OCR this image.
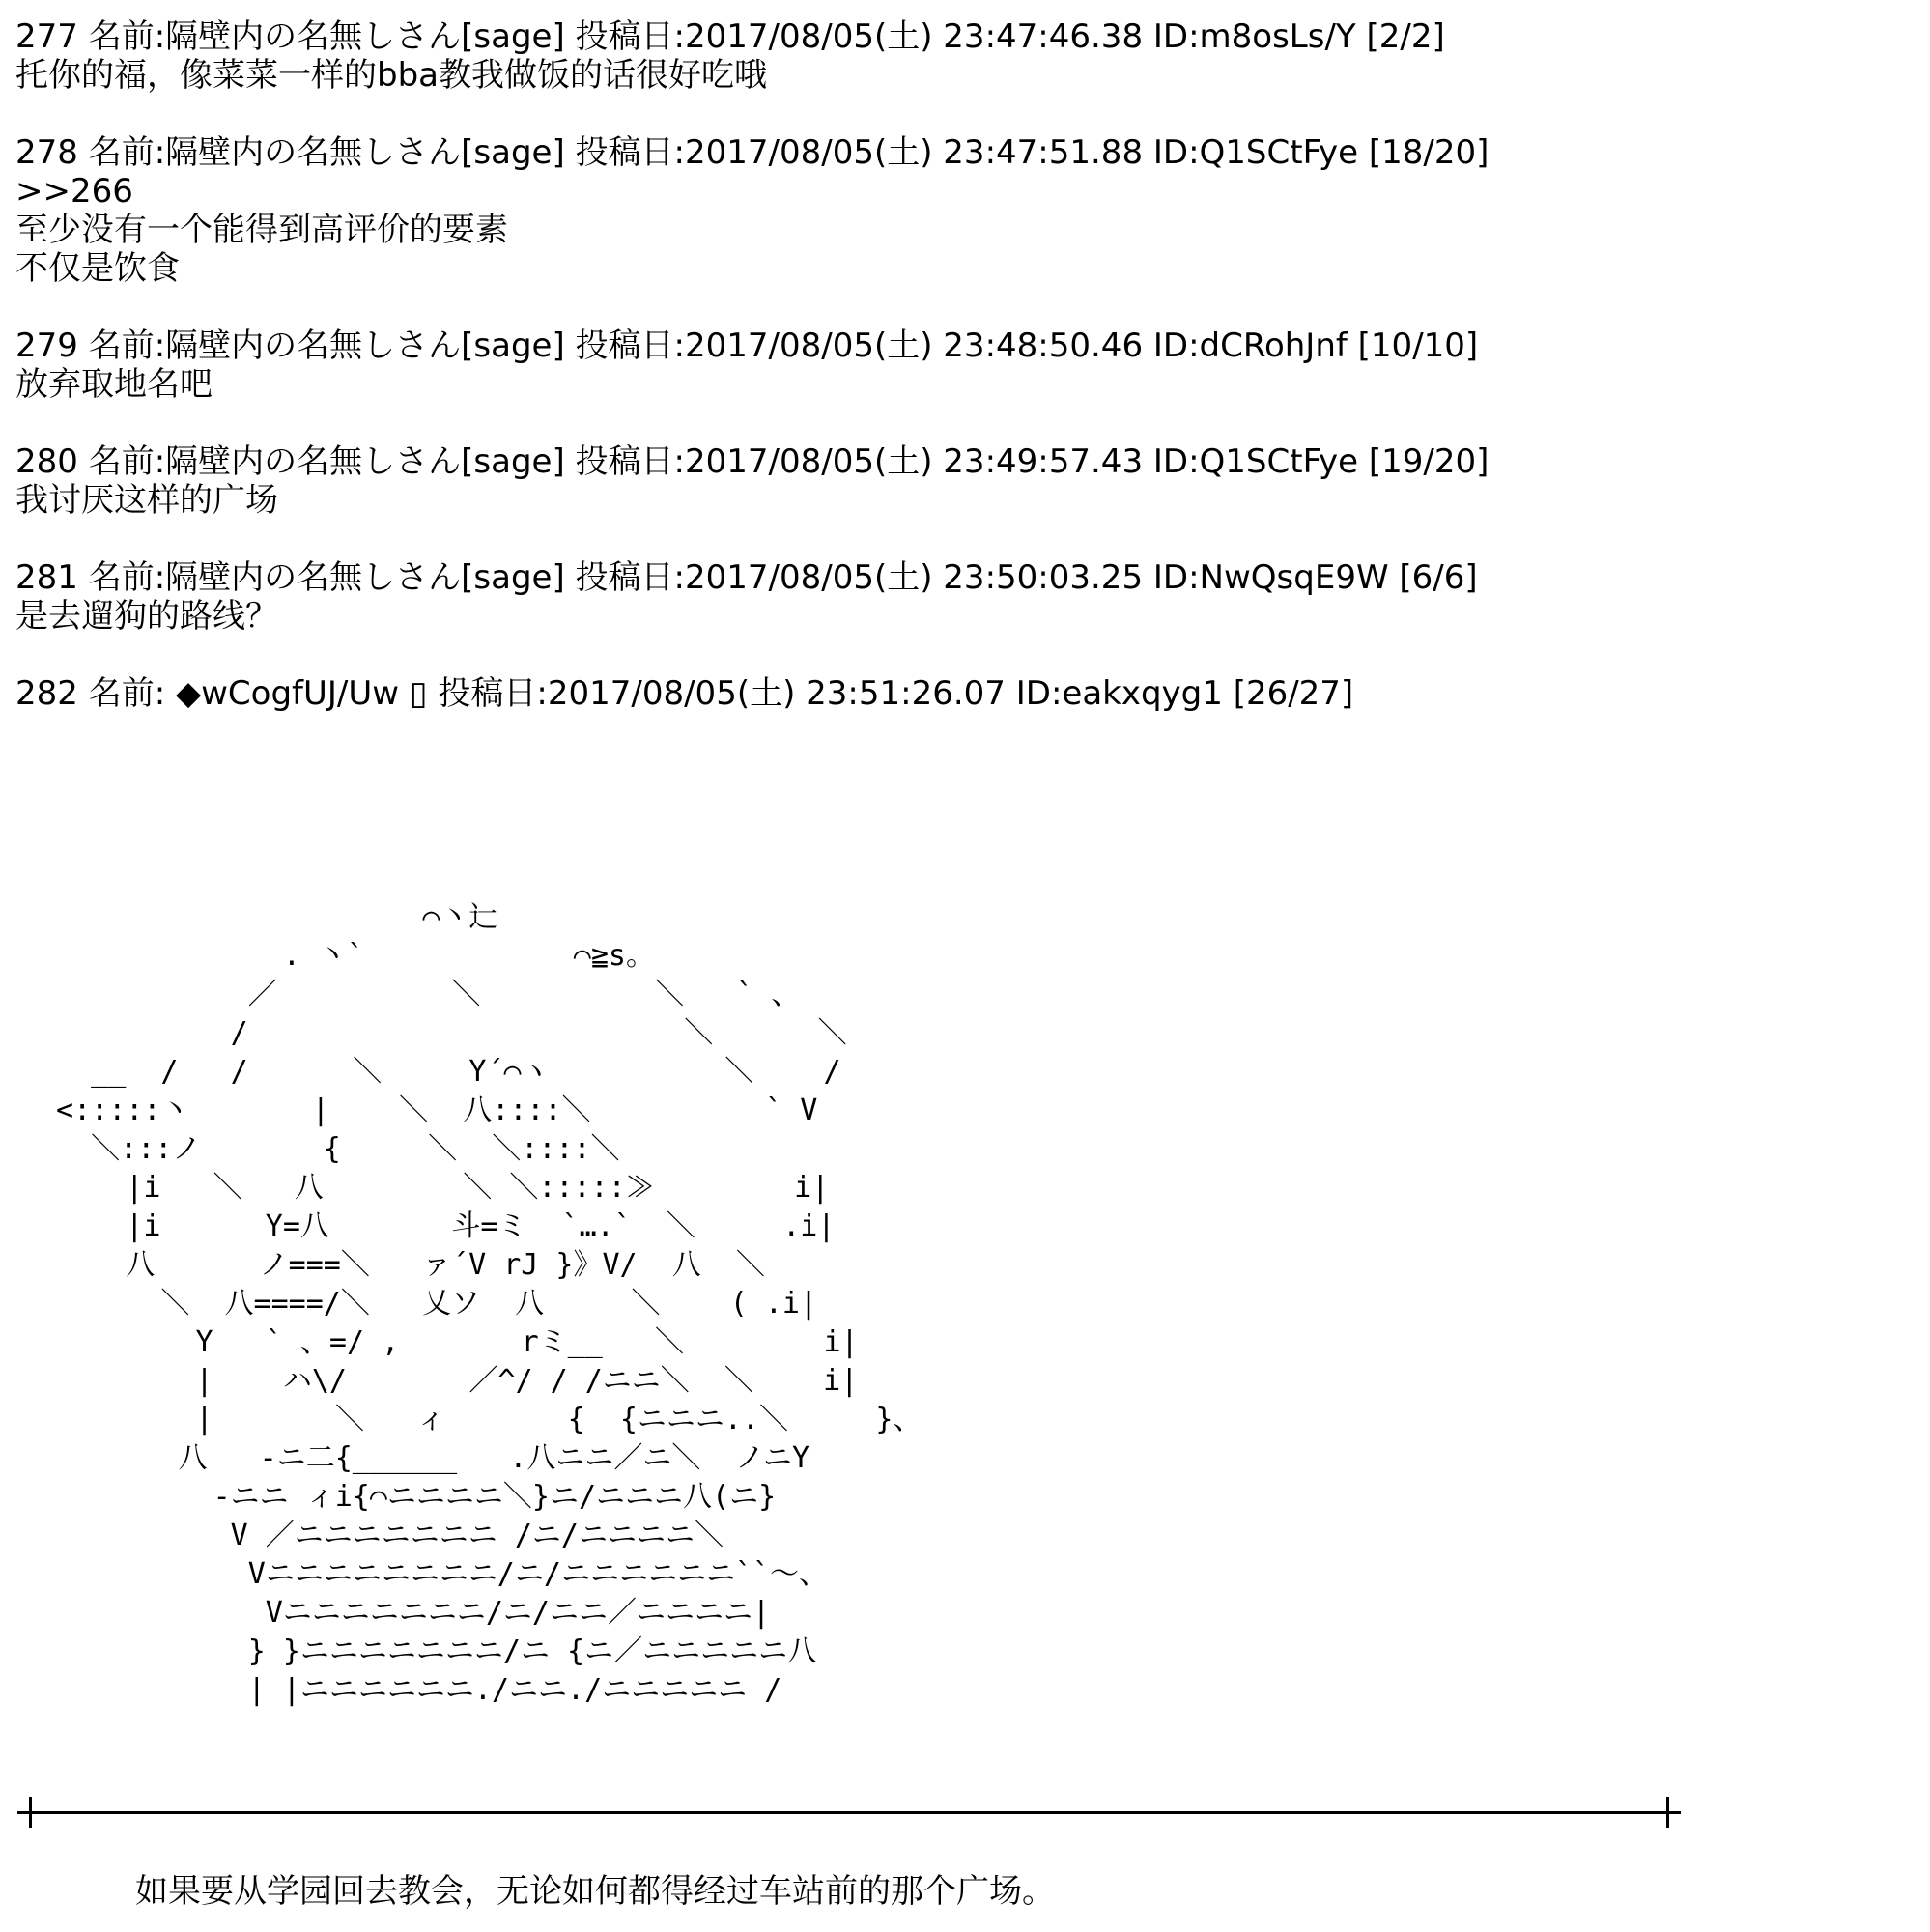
277 名前:隔壁内の名無しさん[sage] 投稿日:2017/08/05(土) 23:47:46.38 ID:m8osLs/Y [2/2]
托你的福，像菜菜一样的bba教我做饭的话很好吃哦
278 名前:隔壁内の名無しさん[sage] 投稿日:2017/08/05(土) 23:47:51.88 ID:Q1SCtFye [18/20]
>>266
至少没有一个能得到高评价的要素
不仅是饮食
279 名前:隔壁内の名無しさん[sage] 投稿日:2017/08/05(土) 23:48:50.46 ID:dCRohJnf [10/10]
放弃取地名吧
280 名前:隔壁内の名無しさん[sage] 投稿日:2017/08/05(土) 23:49:57.43 ID:Q1SCtFye [19/20]
我讨厌这样的广场
281 名前:隔壁内の名無しさん[sage] 投稿日:2017/08/05(土) 23:50:03.25 ID:NwQsqE9W [6/6]
是去遛狗的路线？
282 名前: ◆wCogfUJ/Uw ▯ 投稿日:2017/08/05(土) 23:51:26.07 ID:eakxqyg1 [26/27]
⌒丶辷
. 丶`            ⌒≧s。
／          ＼          ＼   ` 、
/                         ＼      ＼
__  /   /      ＼     Y´⌒ヽ          ＼    /
<:::::丶       |    ＼  八::::＼          ` V
＼:::ノ       {     ＼  ＼::::＼
|i   ＼   八        ＼ ＼:::::≫        i|
|i      Y=八       斗=ミ  `….`  ＼     .i|
八      ノ===＼   ァ´V rJ }》V/  八  ＼
＼  八====/＼   乂ソ  八     ＼    ( .i|
Y   ` 、=/ ,       rミ__   ＼        i|
|    ハ\/       ／^/ / /ニニ＼  ＼    i|
|       ＼   ィ       {  {ニニニ..＼     }、
八   -ニ二{______   .八ニニ／ニ＼  ノニY
-ニニ ィi{⌒ニニニニ＼}ニ/ニニニ八(ニ}
V ／ニニニニニニニ /ニ/ニニニニ＼
Vニニニニニニニニ/ニ/ニニニニニニ``～、
Vニニニニニニニ/ニ/ニニ／ニニニニ|
} }ニニニニニニニ/ニ {ニ／ニニニニニ八
| |ニニニニニニ./ニニ./ニニニニニ /
如果要从学园回去教会，无论如何都得经过车站前的那个广场。
